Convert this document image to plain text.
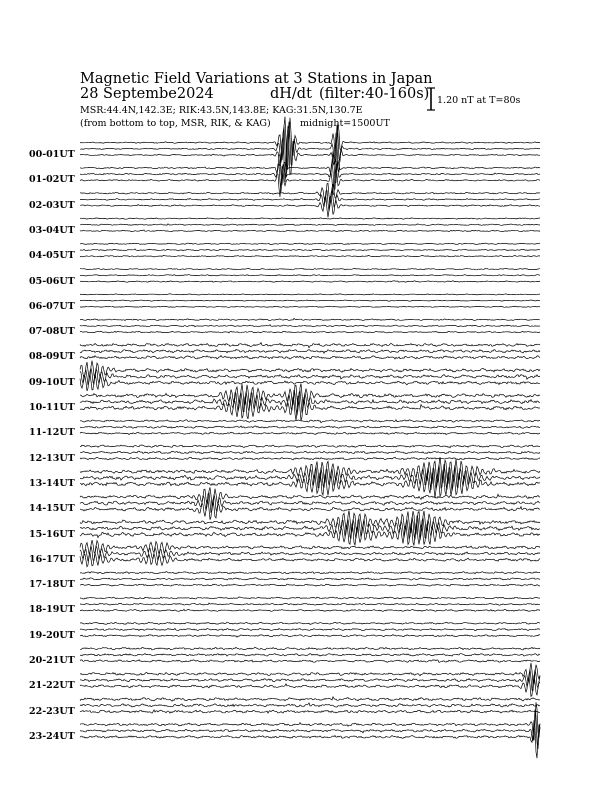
Magnetic Field Variations at 3 Stations in Japan
28 Septembe2024	dH/dt (filter:40-160s)
MSR:44.4N,142.3E; RIK:43.5N,143.8E; KAG:31.5N,130.7E
(from bottom to top, MSR, RIK, & KAG)	midnight=1500UT
1.20 nT at T=80s
00-01UT
01-02UT
02-03UT
03-04UT
04-05UT
05-06UT
06-07UT
07-08UT
08-09UT
09-10UT
10-11UT
11-12UT
12-13UT
13-14UT
14-15UT
15-16UT
16-17UT
17-18UT
18-19UT
19-20UT
20-21UT
21-22UT
22-23UT
23-24UT
